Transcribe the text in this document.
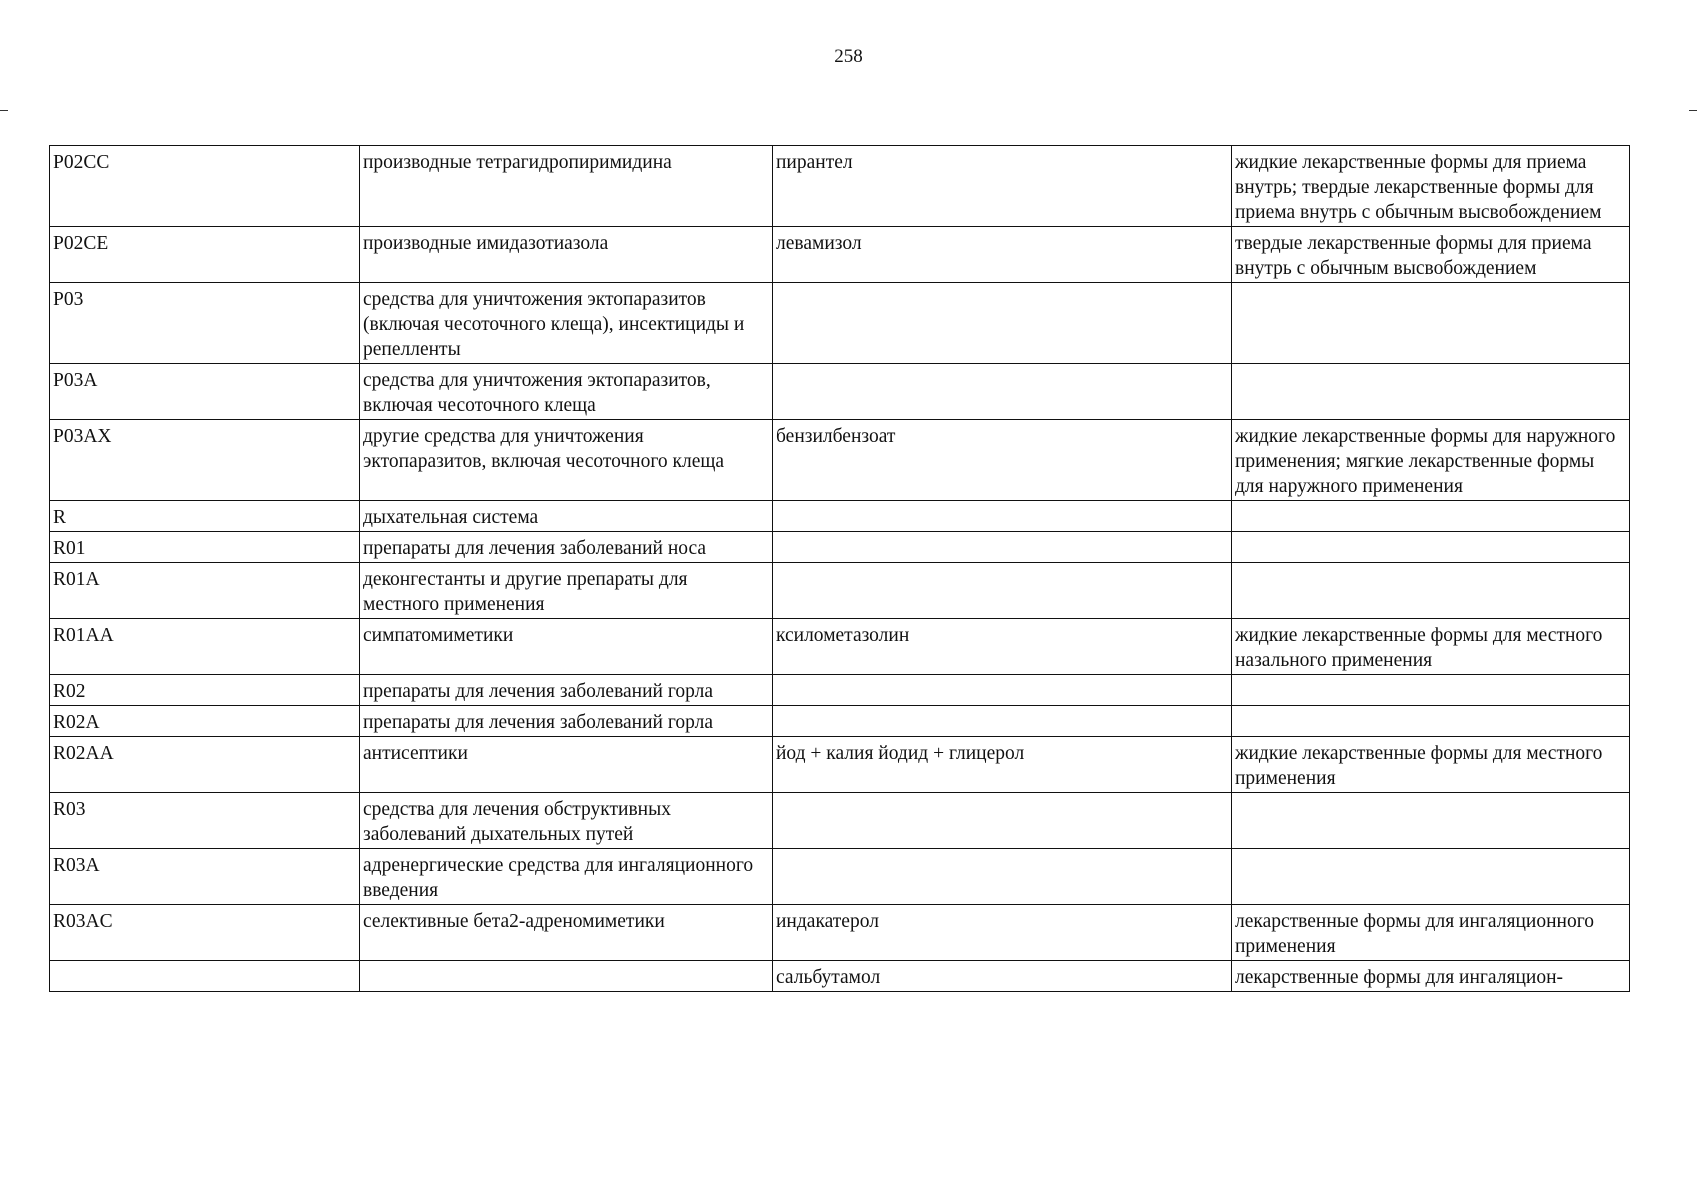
258
P02CC	производные тетрагидропиримидина	пирантел	жидкие лекарственные формы для приема внутрь; твердые лекарственные формы для приема внутрь с обычным высвобождением
P02CE	производные имидазотиазола	левамизол	твердые лекарственные формы для приема внутрь с обычным высвобождением
P03	средства для уничтожения эктопаразитов (включая чесоточного клеща), инсектициды и репелленты		
P03A	средства для уничтожения эктопаразитов, включая чесоточного клеща		
P03AX	другие средства для уничтожения эктопаразитов, включая чесоточного клеща	бензилбензоат	жидкие лекарственные формы для наружного применения; мягкие лекарственные формы для наружного применения
R	дыхательная система		
R01	препараты для лечения заболеваний носа		
R01A	деконгестанты и другие препараты для местного применения		
R01AA	симпатомиметики	ксилометазолин	жидкие лекарственные формы для местного назального применения
R02	препараты для лечения заболеваний горла		
R02A	препараты для лечения заболеваний горла		
R02AA	антисептики	йод + калия йодид + глицерол	жидкие лекарственные формы для местного применения
R03	средства для лечения обструктивных заболеваний дыхательных путей		
R03A	адренергические средства для ингаляционного введения		
R03AC	селективные бета2-адреномиметики	индакатерол	лекарственные формы для ингаляционного применения
		сальбутамол	лекарственные формы для ингаляцион-
